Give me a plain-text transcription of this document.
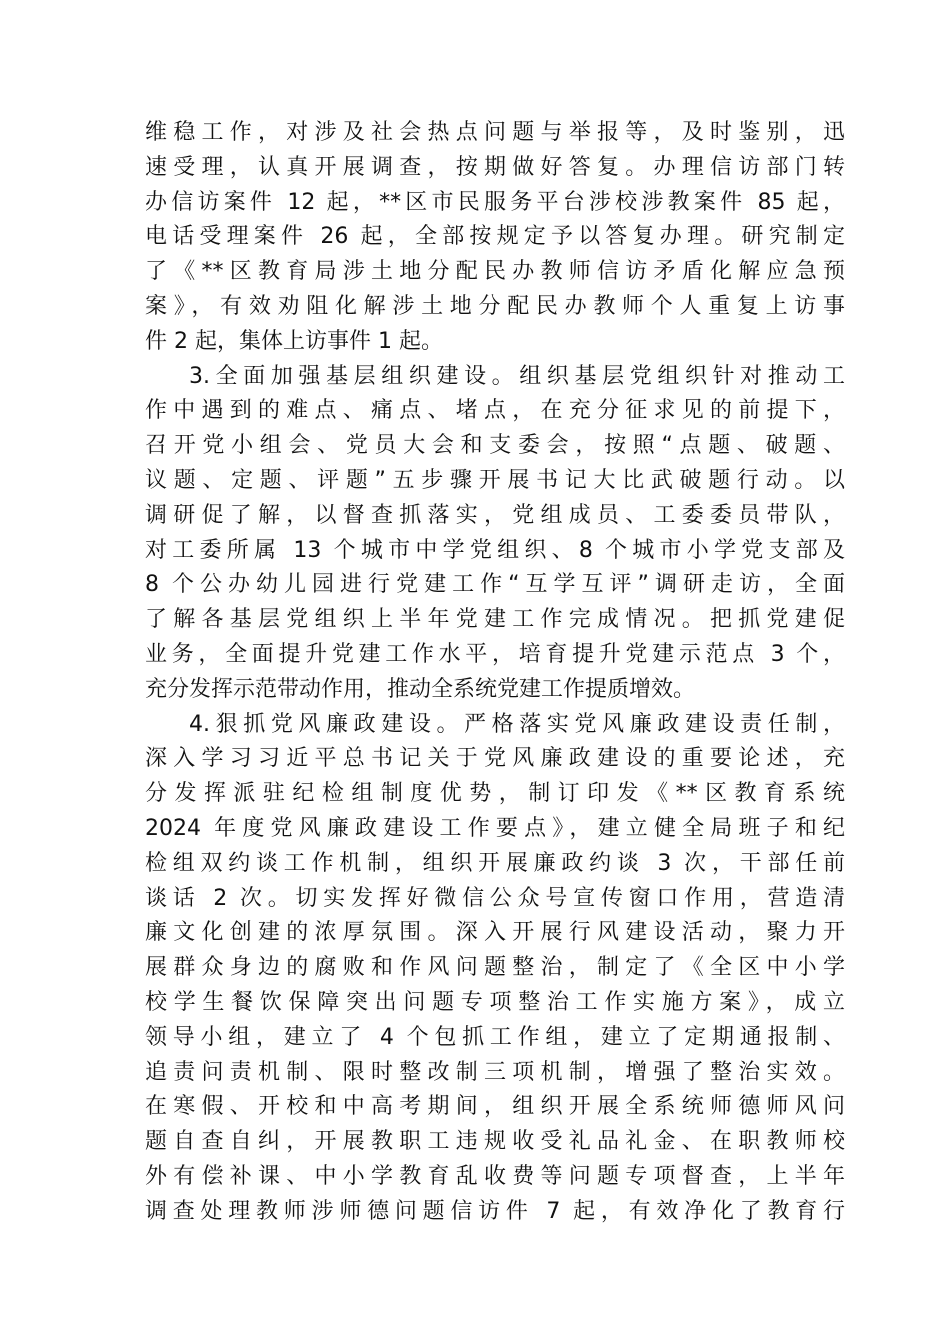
维稳工作，对涉及社会热点问题与举报等，及时鉴别，迅
速受理，认真开展调查，按期做好答复。办理信访部门转
办信访案件 12 起，**区市民服务平台涉校涉教案件 85 起，
电话受理案件 26 起，全部按规定予以答复办理。研究制定
了《**区教育局涉土地分配民办教师信访矛盾化解应急预
案》，有效劝阻化解涉土地分配民办教师个人重复上访事
件 2 起，集体上访事件 1 起。
3.全面加强基层组织建设。组织基层党组织针对推动工
作中遇到的难点、痛点、堵点，在充分征求见的前提下，
召开党小组会、党员大会和支委会，按照“点题、破题、
议题、定题、评题”五步骤开展书记大比武破题行动。以
调研促了解，以督查抓落实，党组成员、工委委员带队，
对工委所属 13 个城市中学党组织、8 个城市小学党支部及
8 个公办幼儿园进行党建工作“互学互评”调研走访，全面
了解各基层党组织上半年党建工作完成情况。把抓党建促
业务，全面提升党建工作水平，培育提升党建示范点 3 个，
充分发挥示范带动作用，推动全系统党建工作提质增效。
4.狠抓党风廉政建设。严格落实党风廉政建设责任制，
深入学习习近平总书记关于党风廉政建设的重要论述，充
分发挥派驻纪检组制度优势，制订印发《**区教育系统
2024 年度党风廉政建设工作要点》，建立健全局班子和纪
检组双约谈工作机制，组织开展廉政约谈 3 次，干部任前
谈话 2 次。切实发挥好微信公众号宣传窗口作用，营造清
廉文化创建的浓厚氛围。深入开展行风建设活动，聚力开
展群众身边的腐败和作风问题整治，制定了《全区中小学
校学生餐饮保障突出问题专项整治工作实施方案》，成立
领导小组，建立了 4 个包抓工作组，建立了定期通报制、
追责问责机制、限时整改制三项机制，增强了整治实效。
在寒假、开校和中高考期间，组织开展全系统师德师风问
题自查自纠，开展教职工违规收受礼品礼金、在职教师校
外有偿补课、中小学教育乱收费等问题专项督查，上半年
调查处理教师涉师德问题信访件 7 起，有效净化了教育行
